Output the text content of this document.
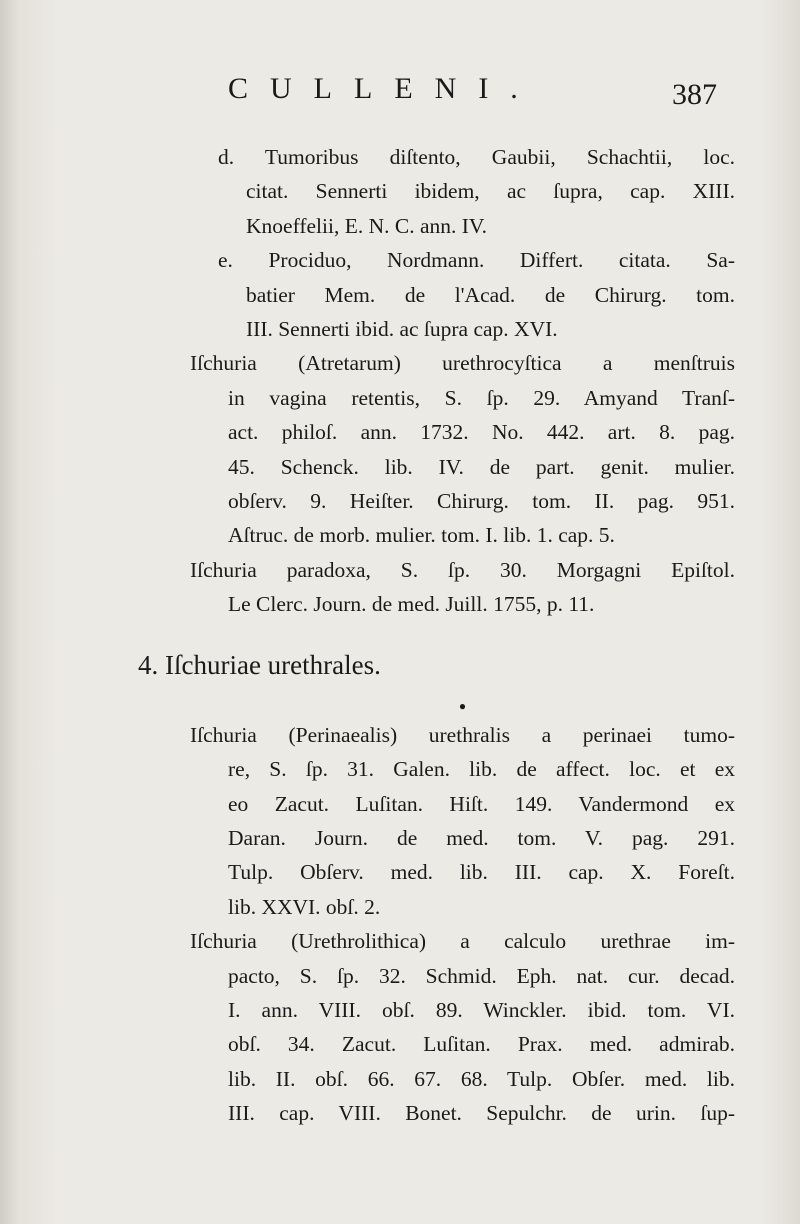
CULLENI.	387
d. Tumoribus diſtento, Gaubii, Schachtii, loc.
citat. Sennerti ibidem, ac ſupra, cap. XIII.
Knoeffelii, E. N. C. ann. IV.
e. Prociduo, Nordmann. Differt. citata. Sa-
batier Mem. de l'Acad. de Chirurg. tom.
III. Sennerti ibid. ac ſupra cap. XVI.
Iſchuria (Atretarum) urethrocyſtica a menſtruis
in vagina retentis, S. ſp. 29. Amyand Tranſ-
act. philoſ. ann. 1732. No. 442. art. 8. pag.
45. Schenck. lib. IV. de part. genit. mulier.
obſerv. 9. Heiſter. Chirurg. tom. II. pag. 951.
Aſtruc. de morb. mulier. tom. I. lib. 1. cap. 5.
Iſchuria paradoxa, S. ſp. 30. Morgagni Epiſtol.
Le Clerc. Journ. de med. Juill. 1755, p. 11.
4. Iſchuriae urethrales.
●
Iſchuria (Perinaealis) urethralis a perinaei tumo-
re, S. ſp. 31. Galen. lib. de affect. loc. et ex
eo Zacut. Luſitan. Hiſt. 149. Vandermond ex
Daran. Journ. de med. tom. V. pag. 291.
Tulp. Obſerv. med. lib. III. cap. X. Foreſt.
lib. XXVI. obſ. 2.
Iſchuria (Urethrolithica) a calculo urethrae im-
pacto, S. ſp. 32. Schmid. Eph. nat. cur. decad.
I. ann. VIII. obſ. 89. Winckler. ibid. tom. VI.
obſ. 34. Zacut. Luſitan. Prax. med. admirab.
lib. II. obſ. 66. 67. 68. Tulp. Obſer. med. lib.
III. cap. VIII. Bonet. Sepulchr. de urin. ſup-
